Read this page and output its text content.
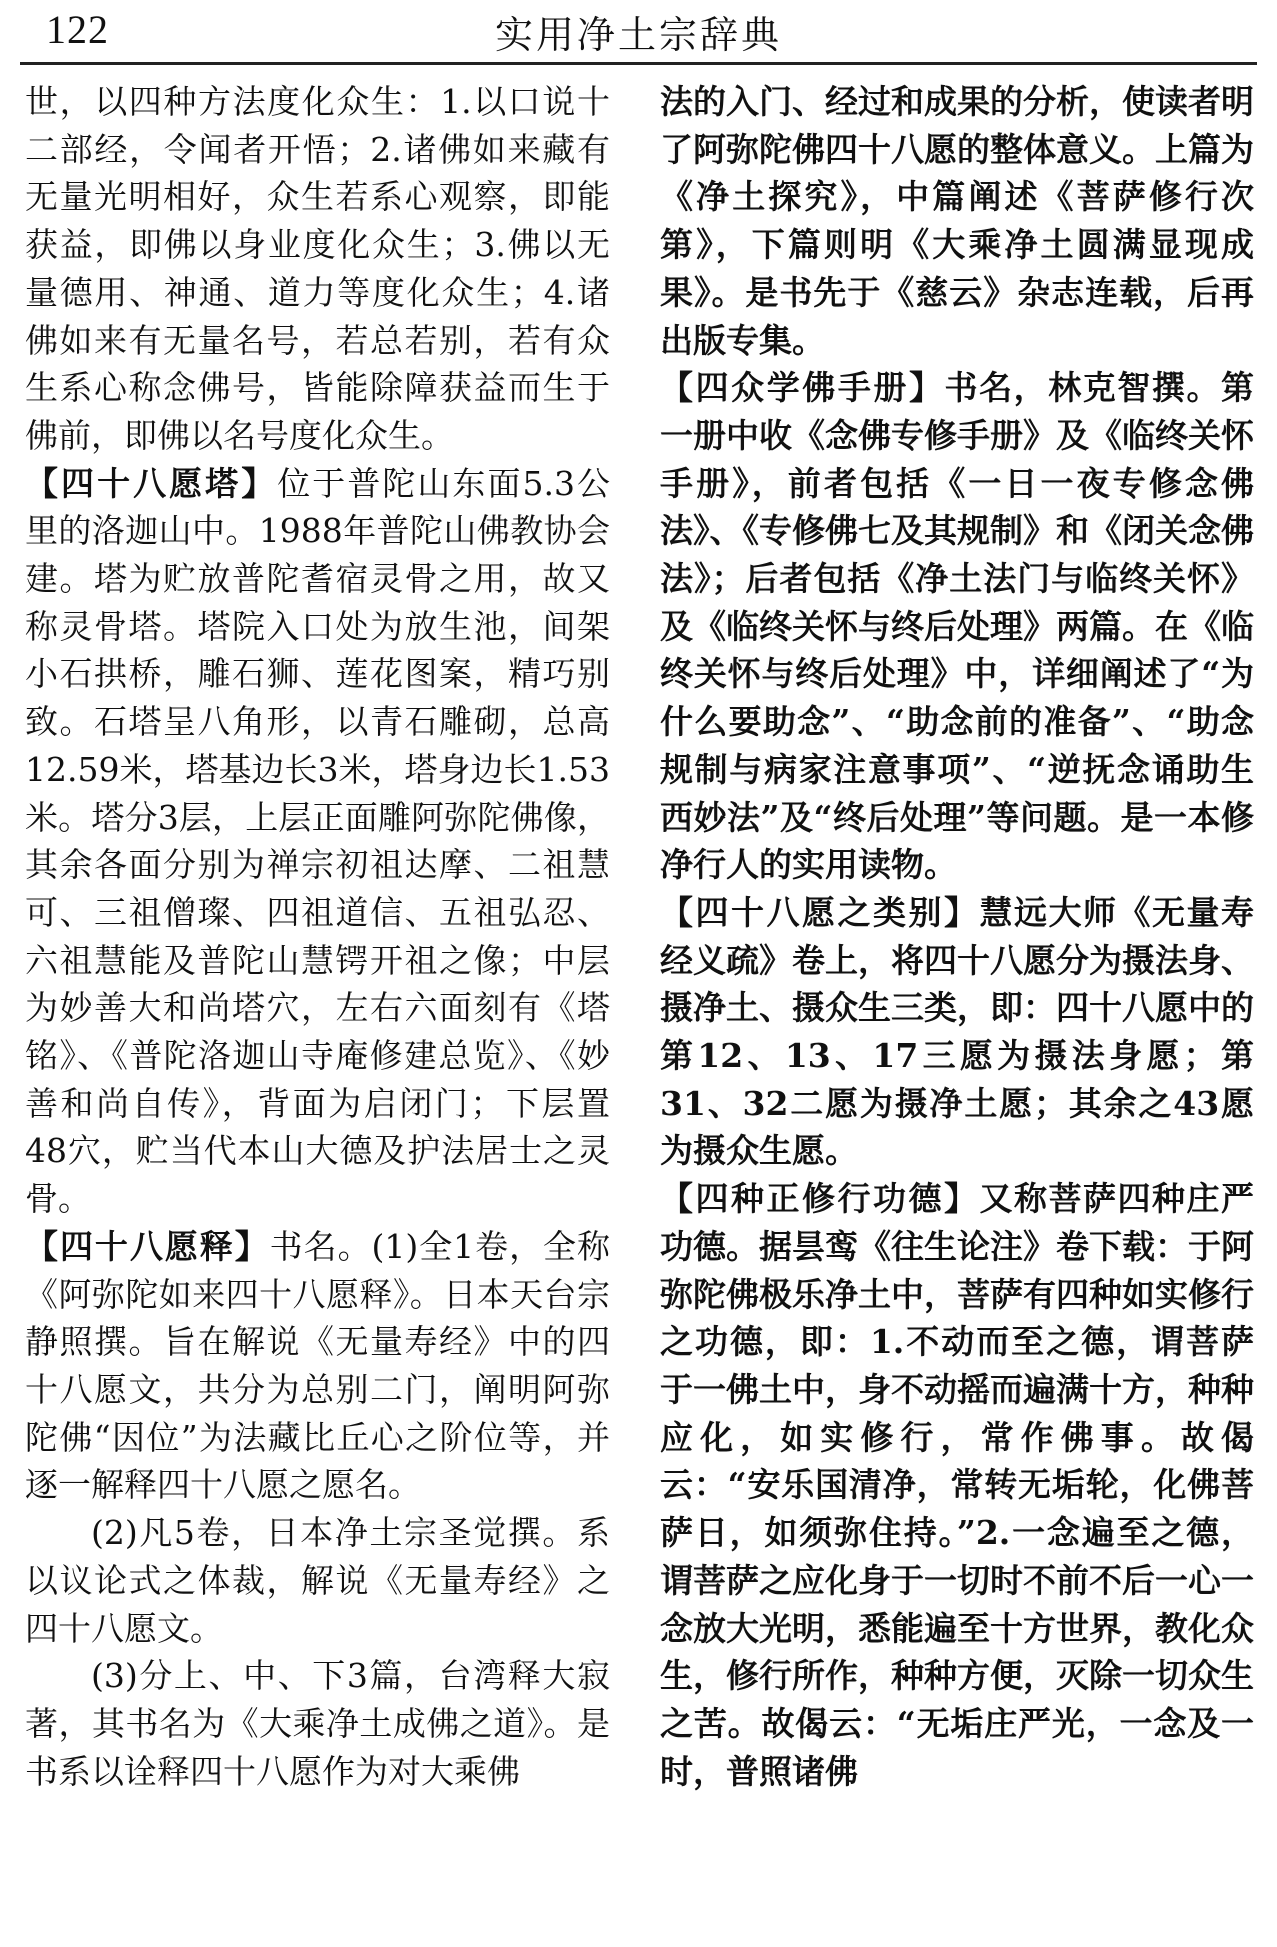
122	实用净土宗辞典

世，以四种方法度化众生：1.以口说十二部经，令闻者开悟；2.诸佛如来藏有无量光明相好，众生若系心观察，即能获益，即佛以身业度化众生；3.佛以无量德用、神通、道力等度化众生；4.诸佛如来有无量名号，若总若别，若有众生系心称念佛号，皆能除障获益而生于佛前，即佛以名号度化众生。

【四十八愿塔】位于普陀山东面5.3公里的洛迦山中。1988年普陀山佛教协会建。塔为贮放普陀耆宿灵骨之用，故又称灵骨塔。塔院入口处为放生池，间架小石拱桥，雕石狮、莲花图案，精巧别致。石塔呈八角形，以青石雕砌，总高12.59米，塔基边长3米，塔身边长1.53米。塔分3层，上层正面雕阿弥陀佛像，其余各面分别为禅宗初祖达摩、二祖慧可、三祖僧璨、四祖道信、五祖弘忍、六祖慧能及普陀山慧锷开祖之像；中层为妙善大和尚塔穴，左右六面刻有《塔铭》、《普陀洛迦山寺庵修建总览》、《妙善和尚自传》，背面为启闭门；下层置48穴，贮当代本山大德及护法居士之灵骨。

【四十八愿释】书名。(1)全1卷，全称《阿弥陀如来四十八愿释》。日本天台宗静照撰。旨在解说《无量寿经》中的四十八愿文，共分为总别二门，阐明阿弥陀佛“因位”为法藏比丘心之阶位等，并逐一解释四十八愿之愿名。

(2)凡5卷，日本净土宗圣觉撰。系以议论式之体裁，解说《无量寿经》之四十八愿文。

(3)分上、中、下3篇，台湾释大寂著，其书名为《大乘净土成佛之道》。是书系以诠释四十八愿作为对大乘佛

法的入门、经过和成果的分析，使读者明了阿弥陀佛四十八愿的整体意义。上篇为《净土探究》，中篇阐述《菩萨修行次第》，下篇则明《大乘净土圆满显现成果》。是书先于《慈云》杂志连载，后再出版专集。

【四众学佛手册】书名，林克智撰。第一册中收《念佛专修手册》及《临终关怀手册》，前者包括《一日一夜专修念佛法》、《专修佛七及其规制》和《闭关念佛法》；后者包括《净土法门与临终关怀》及《临终关怀与终后处理》两篇。在《临终关怀与终后处理》中，详细阐述了“为什么要助念”、“助念前的准备”、“助念规制与病家注意事项”、“逆抚念诵助生西妙法”及“终后处理”等问题。是一本修净行人的实用读物。

【四十八愿之类别】慧远大师《无量寿经义疏》卷上，将四十八愿分为摄法身、摄净土、摄众生三类，即：四十八愿中的第12、13、17三愿为摄法身愿；第31、32二愿为摄净土愿；其余之43愿为摄众生愿。

【四种正修行功德】又称菩萨四种庄严功德。据昙鸾《往生论注》卷下载：于阿弥陀佛极乐净土中，菩萨有四种如实修行之功德，即：1.不动而至之德，谓菩萨于一佛土中，身不动摇而遍满十方，种种应化，如实修行，常作佛事。故偈云：“安乐国清净，常转无垢轮，化佛菩萨日，如须弥住持。”2.一念遍至之德，谓菩萨之应化身于一切时不前不后一心一念放大光明，悉能遍至十方世界，教化众生，修行所作，种种方便，灭除一切众生之苦。故偈云：“无垢庄严光，一念及一时，普照诸佛
